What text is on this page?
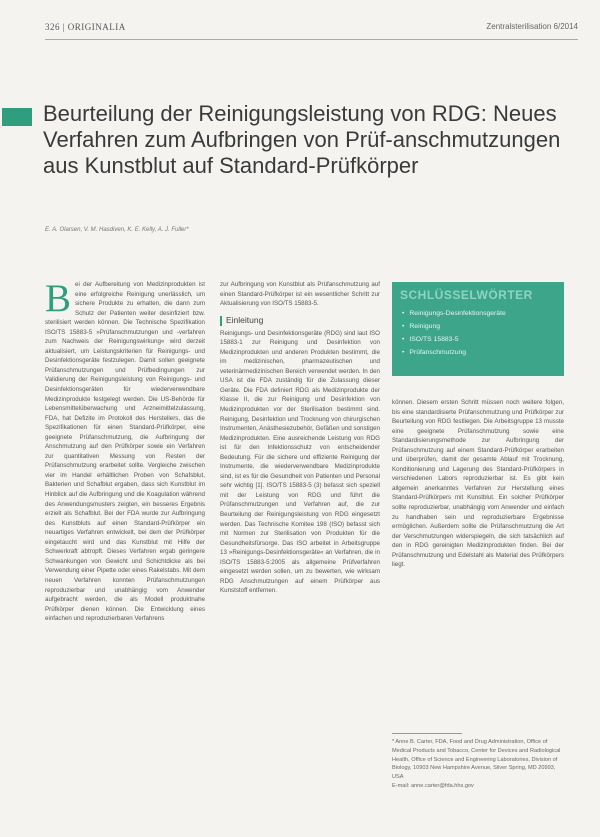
326 | ORIGINALIA	Zentralsterilisation 6/2014
Beurteilung der Reinigungsleistung von RDG: Neues Verfahren zum Aufbringen von Prüf-anschmutzungen aus Kunstblut auf Standard-Prüfkörper
E. A. Olarsen, V. M. Hasdiven, K. E. Kelly, A. J. Fuller*
B ei der Aufbereitung von Medizinprodukten ist eine erfolgreiche Reinigung unerlässlich, um sichere Produkte zu erhalten, die dann zum Schutz der Patienten weiter desinfiziert bzw. sterilisiert werden können. Die Technische Spezifikation ISO/TS 15883-5 »Prüfanschmutzungen und -verfahren zum Nachweis der Reinigungswirkung« wird derzeit aktualisiert, um Leistungskriterien für Reinigungs- und Desinfektionsgeräte festzulegen. Damit sollen geeignete Prüfanschmutzungen und Prüfbedingungen zur Validierung der Reinigungsleistung von Reinigungs- und Desinfektionsgeräten für wiederverwendbare Medizinprodukte festgelegt werden. Die US-Behörde für Lebensmittelüberwachung und Arzneimittelzulassung, FDA, hat Defizite im Protokoll des Herstellers, das die Spezifikationen für einen Standard-Prüfkörper, eine geeignete Prüfanschmutzung, die Aufbringung der Anschmutzung auf den Prüfkörper sowie ein Verfahren zur quantitativen Messung von Resten der Prüfanschmutzung erarbeitet sollte. Vergleiche zwischen vier im Handel erhältlichen Proben von Schafsblut, Bakterien und Schafblut ergaben, dass sich Kunstblut im Hinblick auf die Aufbringung und die Koagulation während des Anwendungsmusters zeigten, ein besseres Ergebnis erzielt als Schafblut. Bei der FDA wurde zur Aufbringung des Kunstbluts auf einen Standard-Prüfkörper ein neuartiges Verfahren entwickelt, bei dem der Prüfkörper eingetaucht wird und das Kunstblut mit Hilfe der Schwerkraft abtropft. Dieses Verfahren ergab geringere Schwankungen von Gewicht und Schichtdicke als bei Verwendung einer Pipette oder eines Rakelstabs. Mit dem neuen Verfahren konnten Prüfanschmutzungen reproduzierbar und unabhängig vom Anwender aufgebracht werden, die als Modell produktnahe Prüfkörper dienen können. Die Entwicklung eines einfachen und reproduzierbaren Verfahrens

zur Aufbringung von Kunstblut als Prüfanschmutzung auf einen Standard-Prüfkörper ist ein wesentlicher Schritt zur Aktualisierung von ISO/TS 15883-5.

Einleitung

Reinigungs- und Desinfektionsgeräte (RDG) sind laut ISO 15883-1 zur Reinigung und Desinfektion von Medizinprodukten und anderen Produkten bestimmt, die im medizinischen, pharmazeutischen und veterinärmedizinischen Bereich verwendet werden. In den USA ist die FDA zuständig für die Zulassung dieser Geräte. Die FDA definiert RDG als Medizinprodukte der Klasse II, die zur Reinigung und Desinfektion von Medizinprodukten vor der Sterilisation bestimmt sind. Reinigung, Desinfektion und Trocknung von chirurgischen Instrumenten, Anästhesiezubehör, Gefäßen und sonstigen Medizinprodukten. Eine ausreichende Leistung von RDG ist für den Infektionsschutz von entscheidender Bedeutung. Für die sichere und effiziente Reinigung der Instrumente, die wiederverwendbare Medizinprodukte sind, ist es für die Gesundheit von Patienten und Personal sehr wichtig [1]. ISO/TS 15883-5 (3) befasst sich speziell mit der Leistung von RDG und führt die Prüfanschmutzungen und Verfahren auf, die zur Beurteilung der Reinigungsleistung von RDG eingesetzt werden. Das Technische Komitee 198 (ISO) befasst sich mit Normen zur Sterilisation von Produkten für die Gesundheitsfürsorge. Das ISO arbeitet in Arbeitsgruppe 13 »Reinigungs-Desinfektionsgeräte« an Verfahren, die in ISO/TS 15883-5:2005 als allgemeine Prüfverfahren eingesetzt werden sollen, um zu bewerten, wie wirksam RDG Anschmutzungen auf einem Prüfkörper aus Kunststoff entfernen.

SCHLÜSSELWÖRTER
• Reinigungs-Desinfektionsgeräte
• Reinigung
• ISO/TS 15883-5
• Prüfanschmutzung

können. Diesem ersten Schritt müssen noch weitere folgen, bis eine standardisierte Prüfanschmutzung und Prüfkörper zur Beurteilung von RDG festliegen. Die Arbeitsgruppe 13 musste eine geeignete Prüfanschmutzung sowie eine Standardisierungsmethode zur Aufbringung der Prüfanschmutzung auf einem Standard-Prüfkörper erarbeiten und überprüfen, damit der gesamte Ablauf mit Trocknung, Konditionierung und Lagerung des Standard-Prüfkörpers in verschiedenen Labors reproduzierbar ist. Es gibt kein allgemein anerkanntes Verfahren zur Herstellung eines Standard-Prüfkörpers mit Kunstblut. Ein solcher Prüfkörper sollte reproduzierbar, unabhängig vom Anwender und einfach zu handhaben sein und reproduzierbare Ergebnisse ermöglichen. Außerdem sollte die Prüfanschmutzung die Art der Verschmutzungen widerspiegeln, die sich tatsächlich auf den in RDG gereinigten Medizinprodukten finden. Bei der Prüfanschmutzung und Edelstahl als Material des Prüfkörpers liegt.

* Anne B. Carter, FDA, Food and Drug Administration, Office of Medical Products and Tobacco, Center for Devices and Radiological Health, Office of Science and Engineering Laboratories, Division of Biology, 10903 New Hampshire Avenue, Silver Spring, MD 20993, USA
E-mail: anne.carter@fda.hhs.gov
